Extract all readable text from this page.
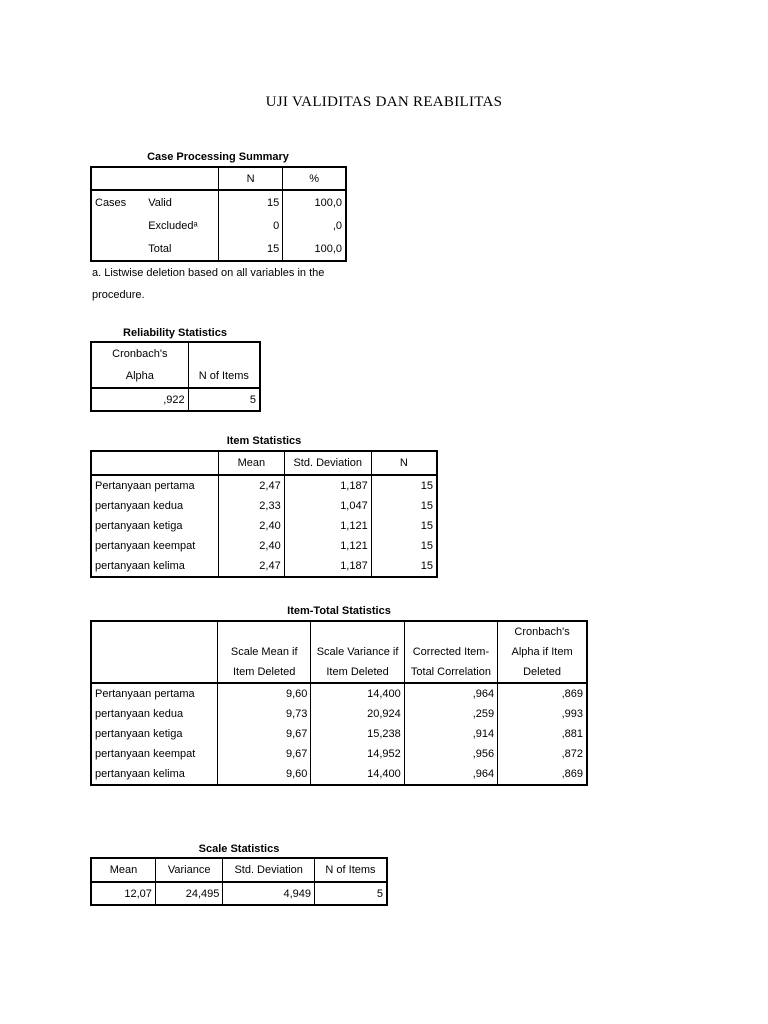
UJI VALIDITAS DAN REABILITAS
Case Processing Summary
		N	%
Cases	Valid	15	100,0
	Excludedᵃ	0	,0
	Total	15	100,0
a. Listwise deletion based on all variables in the procedure.
Reliability Statistics
Cronbach's	
Alpha	N of Items
,922	5
Item Statistics
	Mean	Std. Deviation	N
Pertanyaan pertama	2,47	1,187	15
pertanyaan kedua	2,33	1,047	15
pertanyaan ketiga	2,40	1,121	15
pertanyaan keempat	2,40	1,121	15
pertanyaan kelima	2,47	1,187	15
Item-Total Statistics
				Cronbach's
	Scale Mean if	Scale Variance if	Corrected Item-	Alpha if Item
	Item Deleted	Item Deleted	Total Correlation	Deleted
Pertanyaan pertama	9,60	14,400	,964	,869
pertanyaan kedua	9,73	20,924	,259	,993
pertanyaan ketiga	9,67	15,238	,914	,881
pertanyaan keempat	9,67	14,952	,956	,872
pertanyaan kelima	9,60	14,400	,964	,869
Scale Statistics
Mean	Variance	Std. Deviation	N of Items
12,07	24,495	4,949	5
